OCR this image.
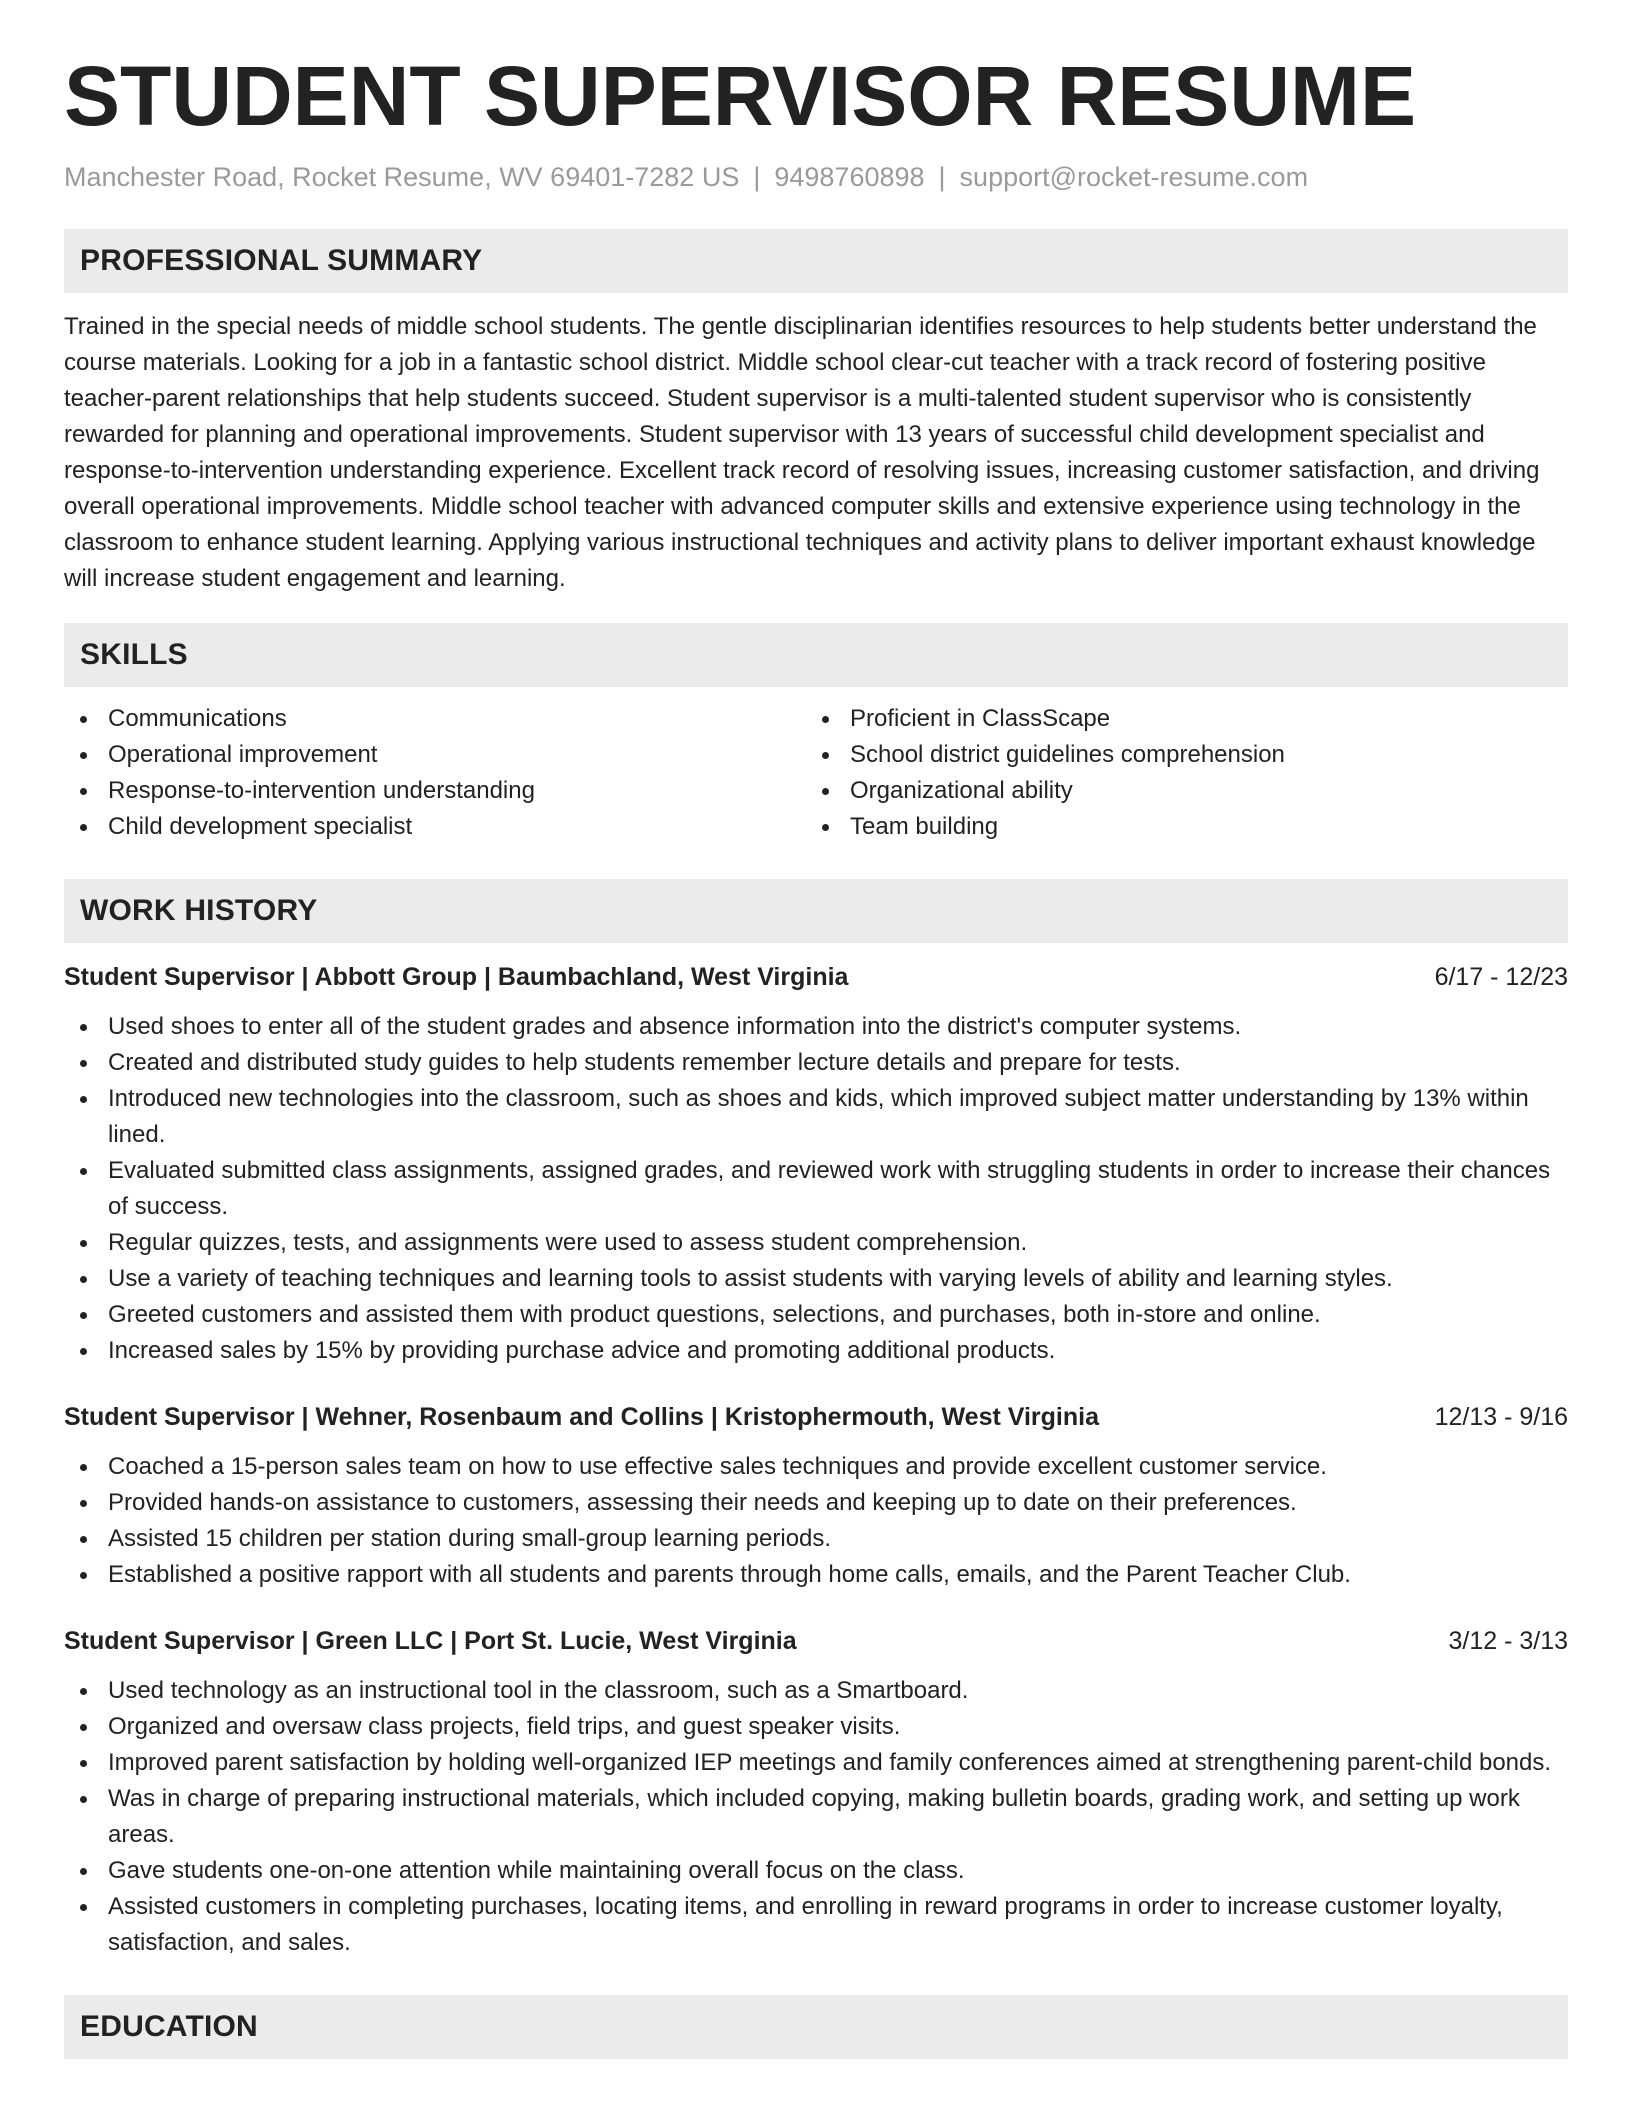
STUDENT SUPERVISOR RESUME
Manchester Road, Rocket Resume, WV 69401-7282 US | 9498760898 | support@rocket-resume.com
PROFESSIONAL SUMMARY

Trained in the special needs of middle school students. The gentle disciplinarian identifies resources to help students better understand the course materials. Looking for a job in a fantastic school district. Middle school clear-cut teacher with a track record of fostering positive teacher-parent relationships that help students succeed. Student supervisor is a multi-talented student supervisor who is consistently rewarded for planning and operational improvements. Student supervisor with 13 years of successful child development specialist and response-to-intervention understanding experience. Excellent track record of resolving issues, increasing customer satisfaction, and driving overall operational improvements. Middle school teacher with advanced computer skills and extensive experience using technology in the classroom to enhance student learning. Applying various instructional techniques and activity plans to deliver important exhaust knowledge will increase student engagement and learning.

SKILLS
Communications
Operational improvement
Response-to-intervention understanding
Child development specialist
Proficient in ClassScape
School district guidelines comprehension
Organizational ability
Team building
WORK HISTORY
Student Supervisor | Abbott Group | Baumbachland, West Virginia	6/17 - 12/23
Used shoes to enter all of the student grades and absence information into the district's computer systems.
Created and distributed study guides to help students remember lecture details and prepare for tests.
Introduced new technologies into the classroom, such as shoes and kids, which improved subject matter understanding by 13% within lined.
Evaluated submitted class assignments, assigned grades, and reviewed work with struggling students in order to increase their chances of success.
Regular quizzes, tests, and assignments were used to assess student comprehension.
Use a variety of teaching techniques and learning tools to assist students with varying levels of ability and learning styles.
Greeted customers and assisted them with product questions, selections, and purchases, both in-store and online.
Increased sales by 15% by providing purchase advice and promoting additional products.
Student Supervisor | Wehner, Rosenbaum and Collins | Kristophermouth, West Virginia	12/13 - 9/16
Coached a 15-person sales team on how to use effective sales techniques and provide excellent customer service.
Provided hands-on assistance to customers, assessing their needs and keeping up to date on their preferences.
Assisted 15 children per station during small-group learning periods.
Established a positive rapport with all students and parents through home calls, emails, and the Parent Teacher Club.
Student Supervisor | Green LLC | Port St. Lucie, West Virginia	3/12 - 3/13
Used technology as an instructional tool in the classroom, such as a Smartboard.
Organized and oversaw class projects, field trips, and guest speaker visits.
Improved parent satisfaction by holding well-organized IEP meetings and family conferences aimed at strengthening parent-child bonds.
Was in charge of preparing instructional materials, which included copying, making bulletin boards, grading work, and setting up work areas.
Gave students one-on-one attention while maintaining overall focus on the class.
Assisted customers in completing purchases, locating items, and enrolling in reward programs in order to increase customer loyalty, satisfaction, and sales.
EDUCATION
